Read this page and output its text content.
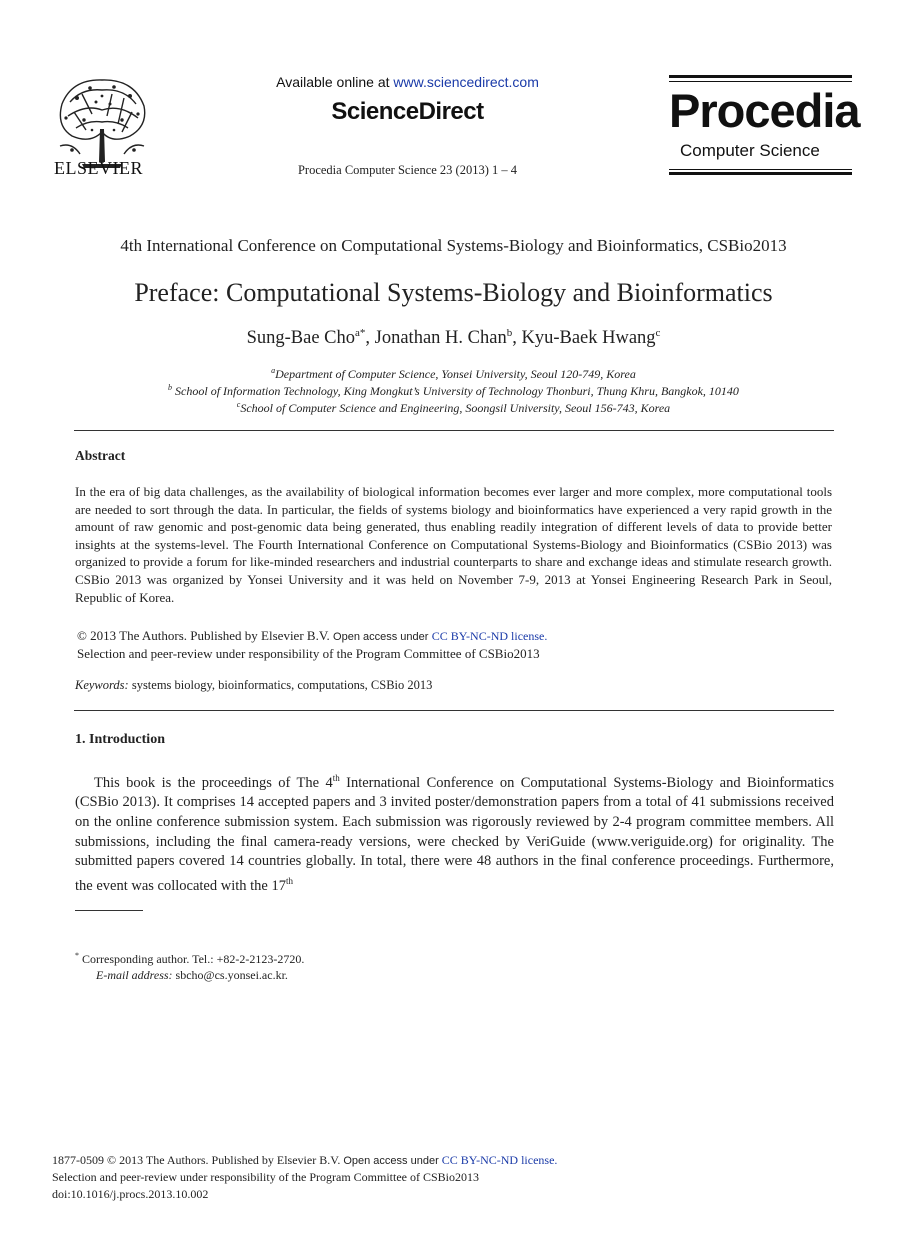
ELSEVIER
Available online at www.sciencedirect.com
ScienceDirect
Procedia Computer Science 23 (2013) 1 – 4
Procedia
Computer Science
4th International Conference on Computational Systems-Biology and Bioinformatics, CSBio2013
Preface: Computational Systems-Biology and Bioinformatics
Sung-Bae Cho$^{a*}$, Jonathan H. Chan$^b$, Kyu-Baek Hwang$^c$
$^a$Department of Computer Science, Yonsei University, Seoul 120-749, Korea
$^b$ School of Information Technology, King Mongkut’s University of Technology Thonburi, Thung Khru, Bangkok, 10140
$^c$School of Computer Science and Engineering, Soongsil University, Seoul 156-743, Korea
Abstract
In the era of big data challenges, as the availability of biological information becomes ever larger and more complex, more computational tools are needed to sort through the data. In particular, the fields of systems biology and bioinformatics have experienced a very rapid growth in the amount of raw genomic and post-genomic data being generated, thus enabling readily integration of different levels of data to provide better insights at the systems-level. The Fourth International Conference on Computational Systems-Biology and Bioinformatics (CSBio 2013) was organized to provide a forum for like-minded researchers and industrial counterparts to share and exchange ideas and stimulate research growth. CSBio 2013 was organized by Yonsei University and it was held on November 7-9, 2013 at Yonsei Engineering Research Park in Seoul, Republic of Korea.
© 2013 The Authors. Published by Elsevier B.V. Open access under CC BY-NC-ND license.
Selection and peer-review under responsibility of the Program Committee of CSBio2013
Keywords: systems biology, bioinformatics, computations, CSBio 2013
1. Introduction
This book is the proceedings of The 4th International Conference on Computational Systems-Biology and Bioinformatics (CSBio 2013). It comprises 14 accepted papers and 3 invited poster/demonstration papers from a total of 41 submissions received on the online conference submission system. Each submission was rigorously reviewed by 2-4 program committee members. All submissions, including the final camera-ready versions, were checked by VeriGuide (www.veriguide.org) for originality. The submitted papers covered 14 countries globally. In total, there were 48 authors in the final conference proceedings. Furthermore, the event was collocated with the 17th
* Corresponding author. Tel.: +82-2-2123-2720.
E-mail address: sbcho@cs.yonsei.ac.kr.
1877-0509 © 2013 The Authors. Published by Elsevier B.V. Open access under CC BY-NC-ND license.
Selection and peer-review under responsibility of the Program Committee of CSBio2013
doi:10.1016/j.procs.2013.10.002
